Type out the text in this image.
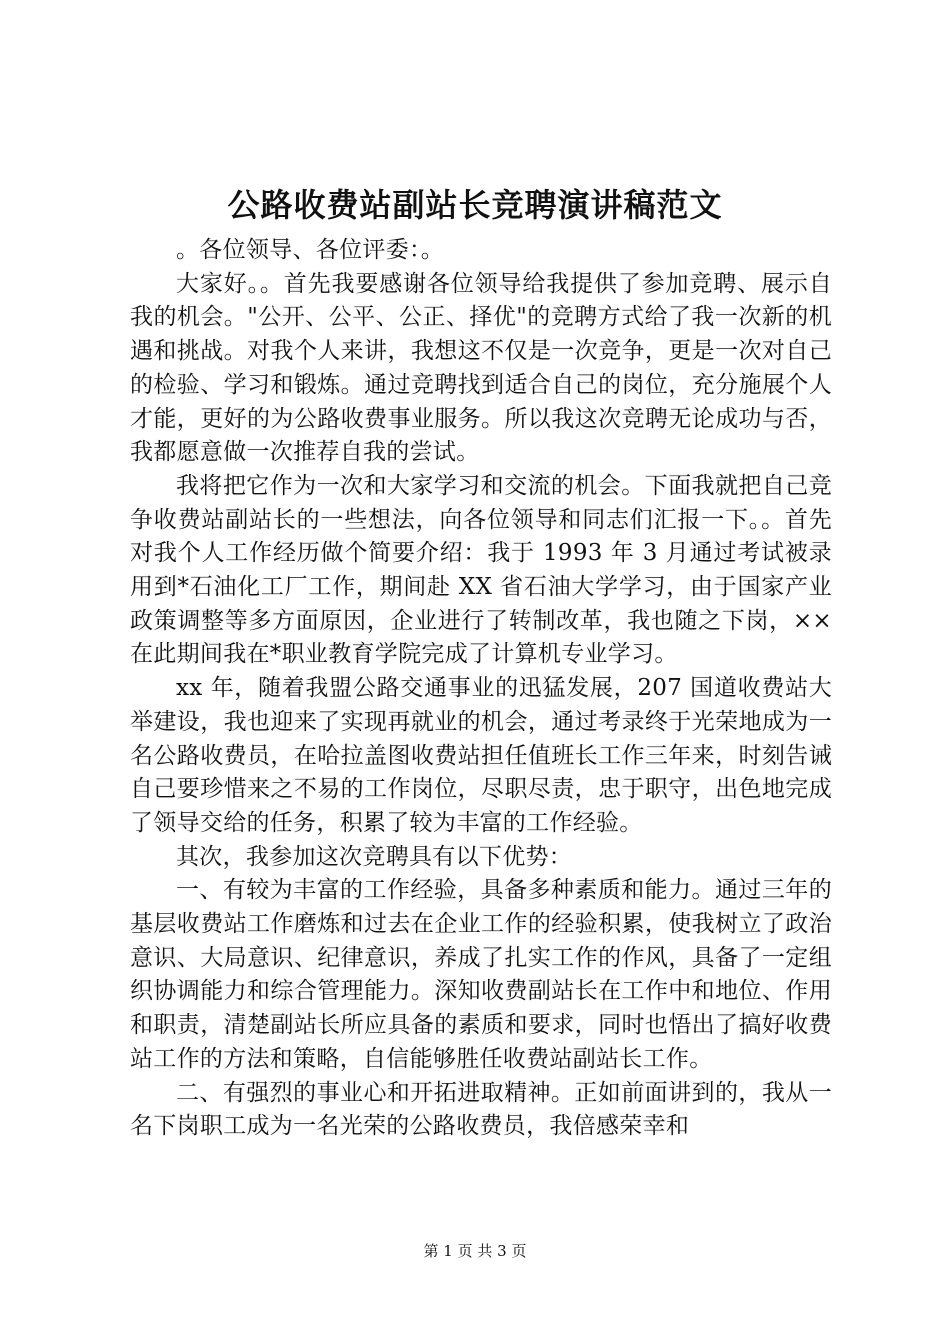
公路收费站副站长竞聘演讲稿范文

。各位领导、各位评委：。

大家好。。首先我要感谢各位领导给我提供了参加竞聘、展示自我的机会。"公开、公平、公正、择优"的竞聘方式给了我一次新的机遇和挑战。对我个人来讲，我想这不仅是一次竞争，更是一次对自己的检验、学习和锻炼。通过竞聘找到适合自己的岗位，充分施展个人才能，更好的为公路收费事业服务。所以我这次竞聘无论成功与否，我都愿意做一次推荐自我的尝试。

我将把它作为一次和大家学习和交流的机会。下面我就把自己竞争收费站副站长的一些想法，向各位领导和同志们汇报一下。。首先对我个人工作经历做个简要介绍：我于 1993 年 3 月通过考试被录用到*石油化工厂工作，期间赴 XX 省石油大学学习，由于国家产业政策调整等多方面原因，企业进行了转制改革，我也随之下岗，××在此期间我在*职业教育学院完成了计算机专业学习。

xx 年，随着我盟公路交通事业的迅猛发展，207 国道收费站大举建设，我也迎来了实现再就业的机会，通过考录终于光荣地成为一名公路收费员，在哈拉盖图收费站担任值班长工作三年来，时刻告诫自己要珍惜来之不易的工作岗位，尽职尽责，忠于职守，出色地完成了领导交给的任务，积累了较为丰富的工作经验。

其次，我参加这次竞聘具有以下优势：

一、有较为丰富的工作经验，具备多种素质和能力。通过三年的基层收费站工作磨炼和过去在企业工作的经验积累，使我树立了政治意识、大局意识、纪律意识，养成了扎实工作的作风，具备了一定组织协调能力和综合管理能力。深知收费副站长在工作中和地位、作用和职责，清楚副站长所应具备的素质和要求，同时也悟出了搞好收费站工作的方法和策略，自信能够胜任收费站副站长工作。

二、有强烈的事业心和开拓进取精神。正如前面讲到的，我从一名下岗职工成为一名光荣的公路收费员，我倍感荣幸和

第 1 页 共 3 页
